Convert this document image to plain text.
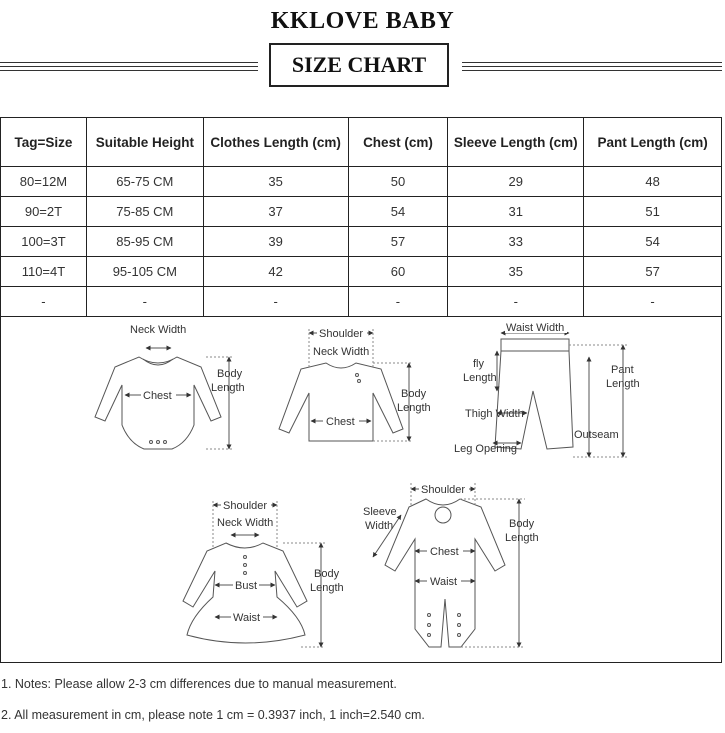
KKLOVE BABY
SIZE CHART
Tag=Size	Suitable Height	Clothes Length (cm)	Chest (cm)	Sleeve Length (cm)	Pant Length (cm)
80=12M	65-75 CM	35	50	29	48
90=2T	75-85 CM	37	54	31	51
100=3T	85-95 CM	39	57	33	54
110=4T	95-105 CM	42	60	35	57
-	-	-	-	-	-
Neck Width
Chest
Body
Length
Shoulder
Neck Width
Chest
Body
Length
Waist Width
fly
Length
Pant
Length
Outseam
Thigh Width
Leg Opening
Shoulder
Neck Width
Bust
Waist
Body
Length
Shoulder
Sleeve
Width
Chest
Waist
Body
Length

1. Notes: Please allow 2-3 cm differences due to manual measurement.

2. All measurement in cm, please note 1 cm = 0.3937 inch, 1 inch=2.540 cm.
